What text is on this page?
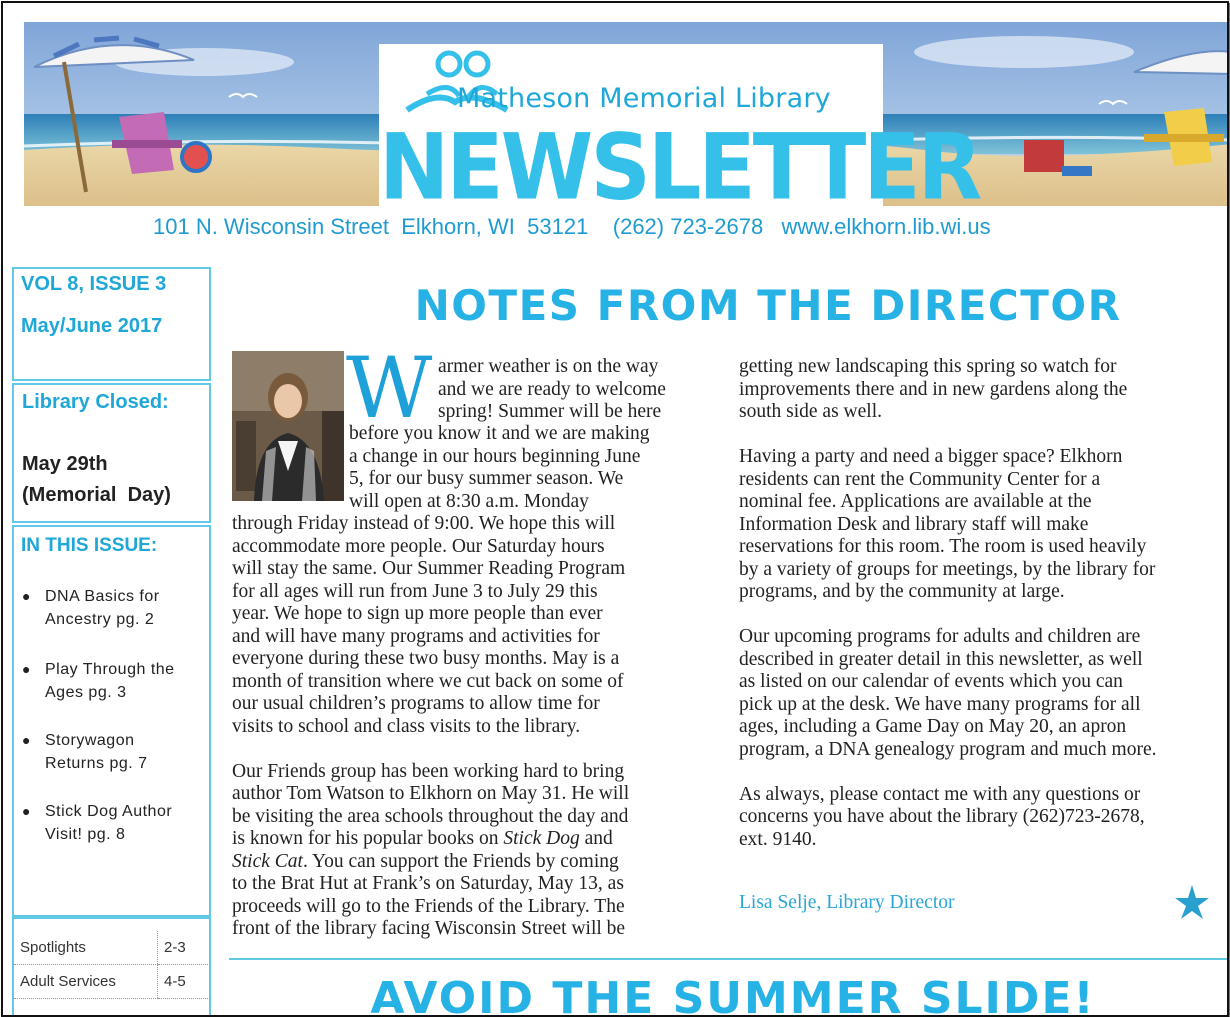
Matheson Memorial Library
NEWSLETTER
101 N. Wisconsin Street  Elkhorn, WI  53121    (262) 723-2678   www.elkhorn.lib.wi.us
VOL 8, ISSUE 3
May/June 2017
Library Closed:
May 29th
(Memorial  Day)
IN THIS ISSUE:
● DNA Basics for
Ancestry pg. 2
● Play Through the
Ages pg. 3
● Storywagon
Returns pg. 7
● Stick Dog Author
Visit! pg. 8
Spotlights	2-3
Adult Services	4-5
NOTES FROM THE DIRECTOR
W armer weather is on the way
and we are ready to welcome
spring! Summer will be here
before you know it and we are making
a change in our hours beginning June
5, for our busy summer season. We
will open at 8:30 a.m. Monday
through Friday instead of 9:00. We hope this will
accommodate more people. Our Saturday hours
will stay the same. Our Summer Reading Program
for all ages will run from June 3 to July 29 this
year. We hope to sign up more people than ever
and will have many programs and activities for
everyone during these two busy months. May is a
month of transition where we cut back on some of
our usual children’s programs to allow time for
visits to school and class visits to the library.

Our Friends group has been working hard to bring
author Tom Watson to Elkhorn on May 31. He will
be visiting the area schools throughout the day and
is known for his popular books on Stick Dog and
Stick Cat. You can support the Friends by coming
to the Brat Hut at Frank’s on Saturday, May 13, as
proceeds will go to the Friends of the Library. The
front of the library facing Wisconsin Street will be
getting new landscaping this spring so watch for
improvements there and in new gardens along the
south side as well.

Having a party and need a bigger space? Elkhorn
residents can rent the Community Center for a
nominal fee. Applications are available at the
Information Desk and library staff will make
reservations for this room. The room is used heavily
by a variety of groups for meetings, by the library for
programs, and by the community at large.

Our upcoming programs for adults and children are
described in greater detail in this newsletter, as well
as listed on our calendar of events which you can
pick up at the desk. We have many programs for all
ages, including a Game Day on May 20, an apron
program, a DNA genealogy program and much more.

As always, please contact me with any questions or
concerns you have about the library (262)723-2678,
ext. 9140.
Lisa Selje, Library Director
AVOID THE SUMMER SLIDE!
